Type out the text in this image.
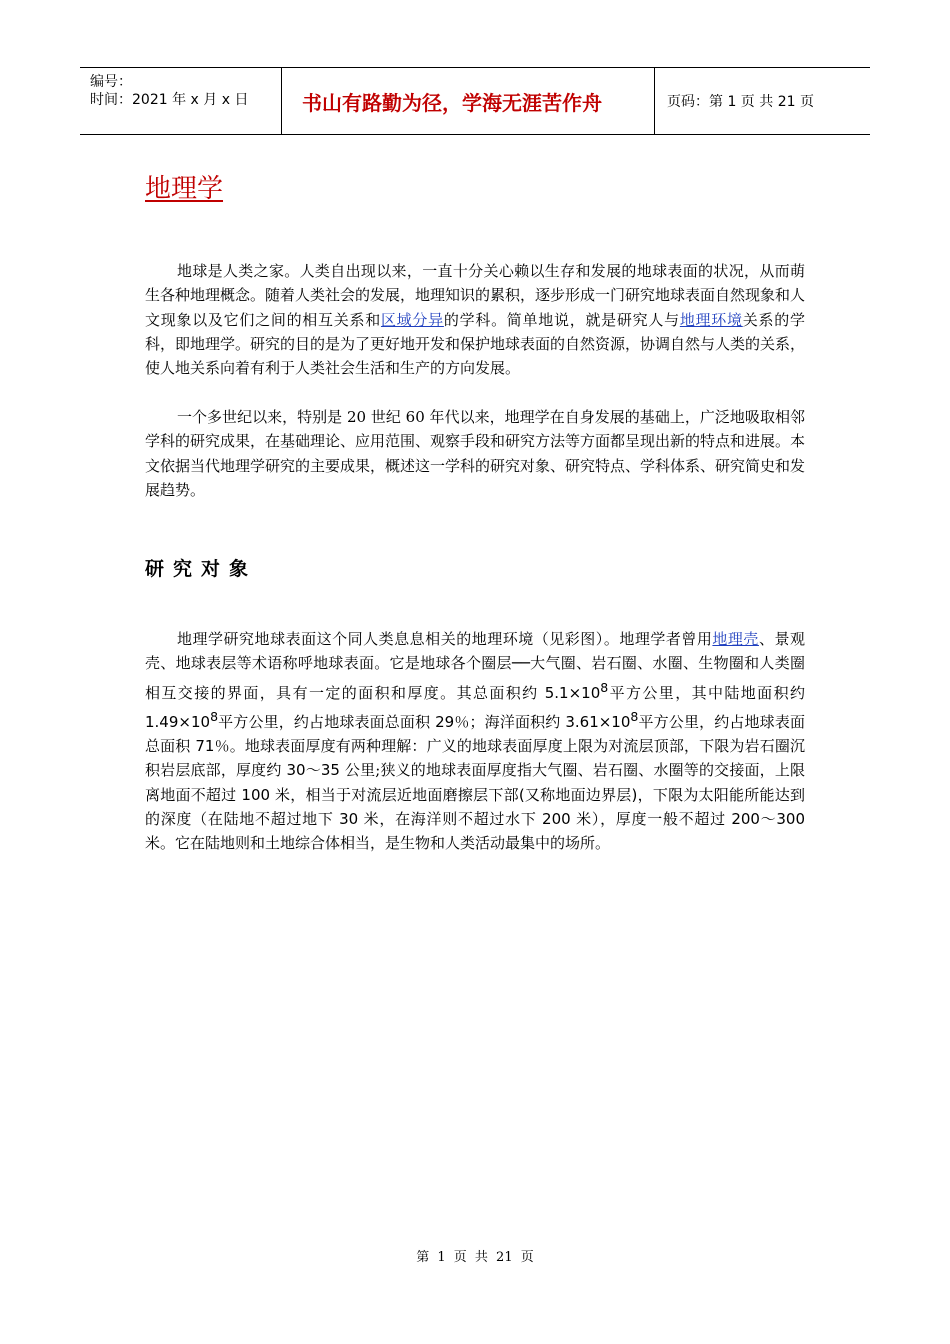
编号：
时间：2021 年 x 月 x 日	书山有路勤为径，学海无涯苦作舟	页码：第 1 页 共 21 页
地理学

地球是人类之家。人类自出现以来，一直十分关心赖以生存和发展的地球表面的状况，从而萌生各种地理概念。随着人类社会的发展，地理知识的累积，逐步形成一门研究地球表面自然现象和人文现象以及它们之间的相互关系和区域分异的学科。简单地说，就是研究人与地理环境关系的学科，即地理学。研究的目的是为了更好地开发和保护地球表面的自然资源，协调自然与人类的关系，使人地关系向着有利于人类社会生活和生产的方向发展。

一个多世纪以来，特别是 20 世纪 60 年代以来，地理学在自身发展的基础上，广泛地吸取相邻学科的研究成果，在基础理论、应用范围、观察手段和研究方法等方面都呈现出新的特点和进展。本文依据当代地理学研究的主要成果，概述这一学科的研究对象、研究特点、学科体系、研究简史和发展趋势。

研究对象

地理学研究地球表面这个同人类息息相关的地理环境（见彩图）。地理学者曾用地理壳、景观壳、地球表层等术语称呼地球表面。它是地球各个圈层──大气圈、岩石圈、水圈、生物圈和人类圈相互交接的界面，具有一定的面积和厚度。其总面积约 $5.1\times 10^8$平方公里，其中陆地面积约 $1.49\times 10^8$平方公里，约占地球表面总面积 29％；海洋面积约 $3.61\times 10^8$平方公里，约占地球表面总面积 71％。地球表面厚度有两种理解：广义的地球表面厚度上限为对流层顶部，下限为岩石圈沉积岩层底部，厚度约 30～35 公里;狭义的地球表面厚度指大气圈、岩石圈、水圈等的交接面，上限离地面不超过 100 米，相当于对流层近地面磨擦层下部(又称地面边界层)，下限为太阳能所能达到的深度（在陆地不超过地下 30 米，在海洋则不超过水下 200 米），厚度一般不超过 200～300 米。它在陆地则和土地综合体相当，是生物和人类活动最集中的场所。

第 1 页 共 21 页
